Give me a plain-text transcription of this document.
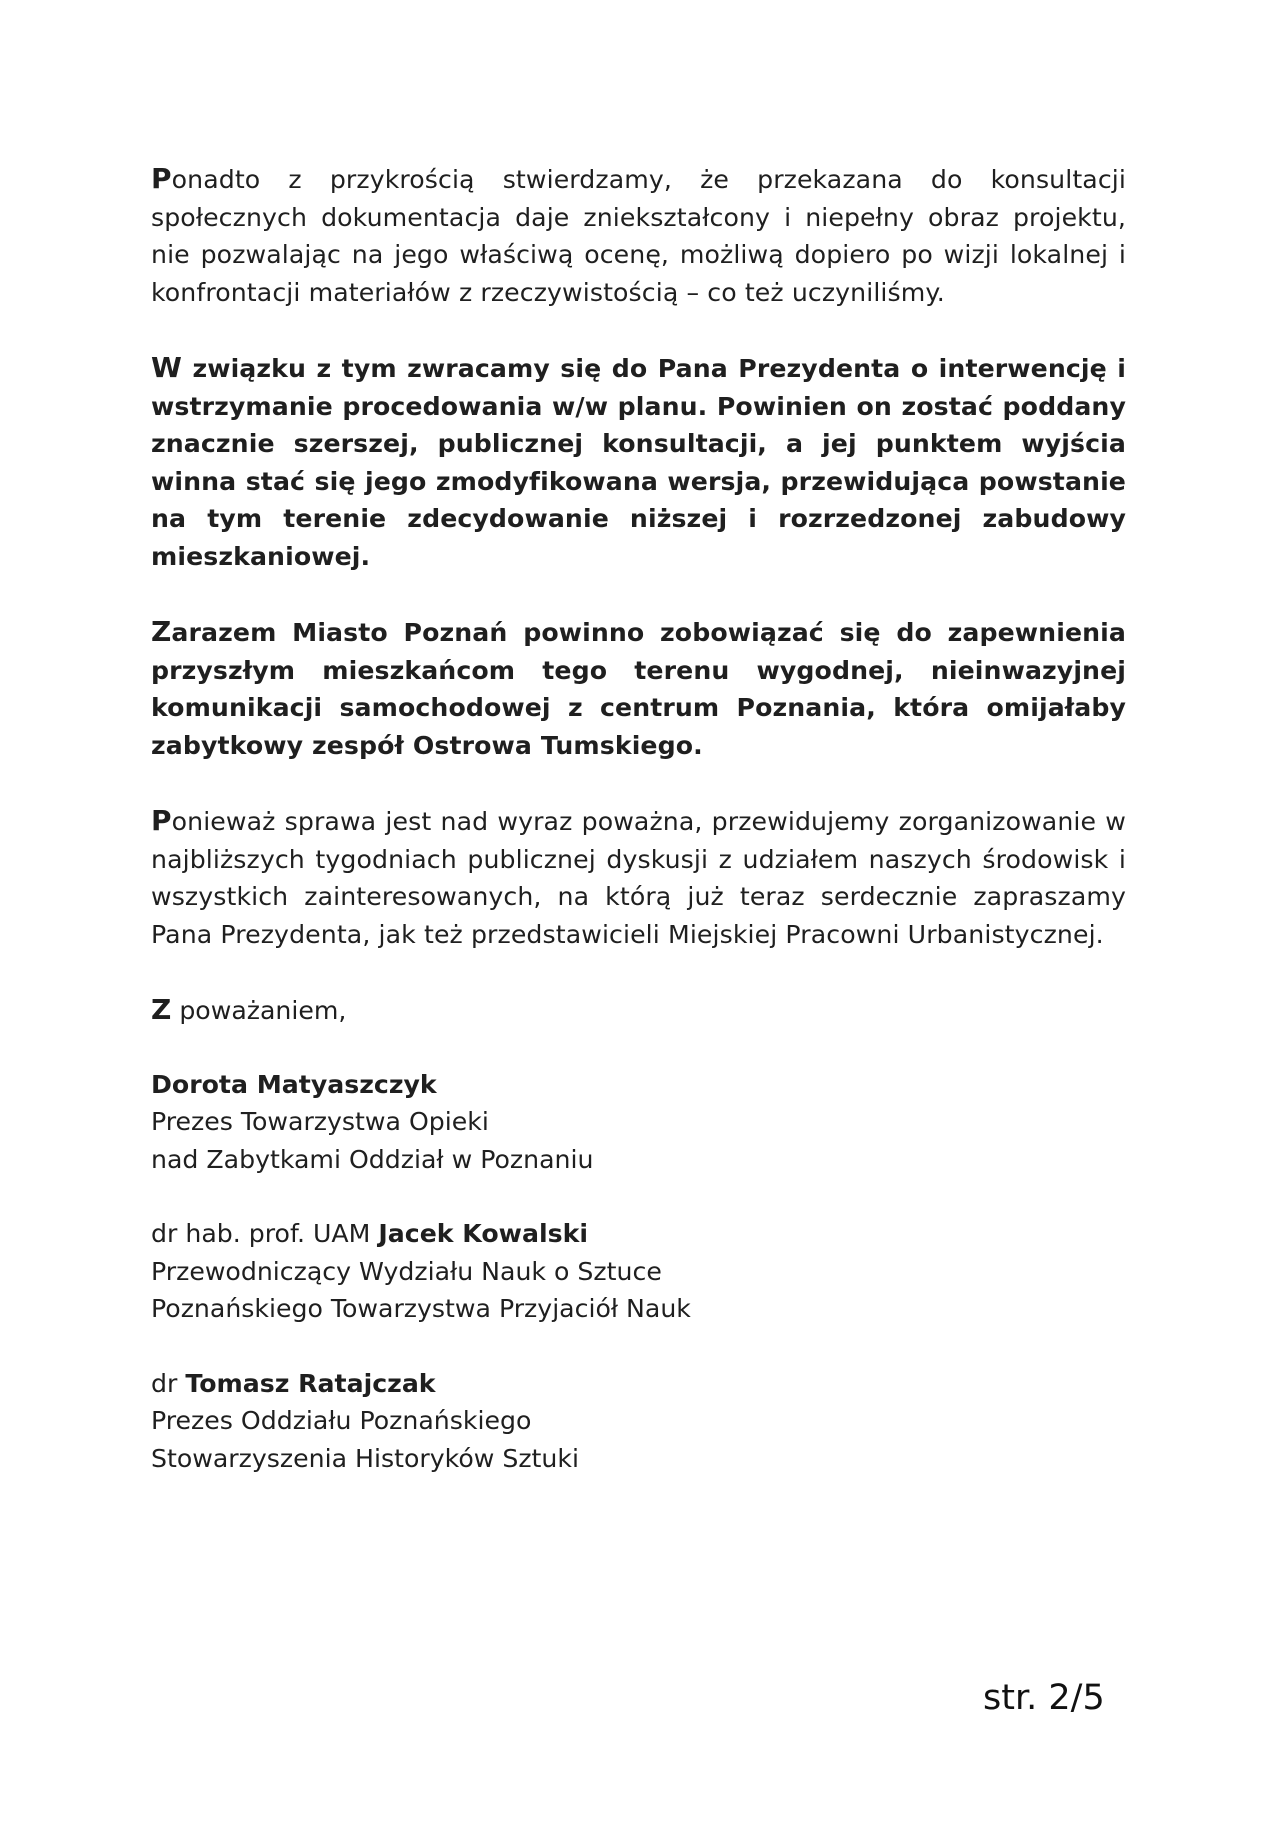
Ponadto z przykrością stwierdzamy, że przekazana do konsultacji społecznych dokumentacja daje zniekształcony i niepełny obraz projektu, nie pozwalając na jego właściwą ocenę, możliwą dopiero po wizji lokalnej i konfrontacji materiałów z rzeczywistością – co też uczyniliśmy.

W związku z tym zwracamy się do Pana Prezydenta o interwencję i wstrzymanie procedowania w/w planu. Powinien on zostać poddany znacznie szerszej, publicznej konsultacji, a jej punktem wyjścia winna stać się jego zmodyfikowana wersja, przewidująca powstanie na tym terenie zdecydowanie niższej i rozrzedzonej zabudowy mieszkaniowej.

Zarazem Miasto Poznań powinno zobowiązać się do zapewnienia przyszłym mieszkańcom tego terenu wygodnej, nieinwazyjnej komunikacji samochodowej z centrum Poznania, która omijałaby zabytkowy zespół Ostrowa Tumskiego.

Ponieważ sprawa jest nad wyraz poważna, przewidujemy zorganizowanie w najbliższych tygodniach publicznej dyskusji z udziałem naszych środowisk i wszystkich zainteresowanych, na którą już teraz serdecznie zapraszamy Pana Prezydenta, jak też przedstawicieli Miejskiej Pracowni Urbanistycznej.

Z poważaniem,

Dorota Matyaszczyk
Prezes Towarzystwa Opieki
nad Zabytkami Oddział w Poznaniu
dr hab. prof. UAM Jacek Kowalski
Przewodniczący Wydziału Nauk o Sztuce
Poznańskiego Towarzystwa Przyjaciół Nauk
dr Tomasz Ratajczak
Prezes Oddziału Poznańskiego
Stowarzyszenia Historyków Sztuki
str. 2/5
